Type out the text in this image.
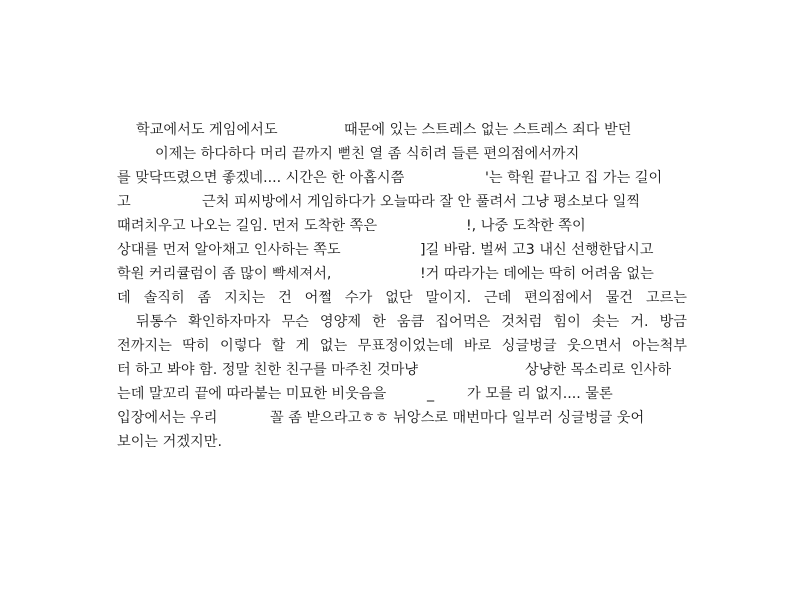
학교에서도 게임에서도	때문에 있는 스트레스 없는 스트레스 죄다 받던
이제는 하다하다 머리 끝까지 뻗친 열 좀 식히려 들른 편의점에서까지
를 맞닥뜨렸으면 좋겠네.... 시간은 한 아홉시쯤	'는 학원 끝나고 집 가는 길이
고	근처 피씨방에서 게임하다가 오늘따라 잘 안 풀려서 그냥 평소보다 일찍
때려치우고 나오는 길임. 먼저 도착한 쪽은	!, 나중 도착한 쪽이
상대를 먼저 알아채고 인사하는 쪽도	]길 바람. 벌써 고3 내신 선행한답시고
학원 커리큘럼이 좀 많이 빡세져서,	!거 따라가는 데에는 딱히 어려움 없는
데 솔직히 좀 지치는 건 어쩔 수가 없단 말이지. 근데 편의점에서 물건 고르는
뒤통수 확인하자마자 무슨 영양제 한 움큼 집어먹은 것처럼 힘이 솟는 거. 방금
전까지는 딱히 이렇다 할 게 없는 무표정이었는데 바로 싱글벙글 웃으면서 아는척부
터 하고 봐야 함. 정말 친한 친구를 마주친 것마냥	상냥한 목소리로 인사하
는데 말꼬리 끝에 따라붙는 미묘한 비웃음을	_ 가 모를 리 없지.... 물론
입장에서는 우리	꼴 좀 받으라고ㅎㅎ 뉘앙스로 매번마다 일부러 싱글벙글 웃어
보이는 거겠지만.
